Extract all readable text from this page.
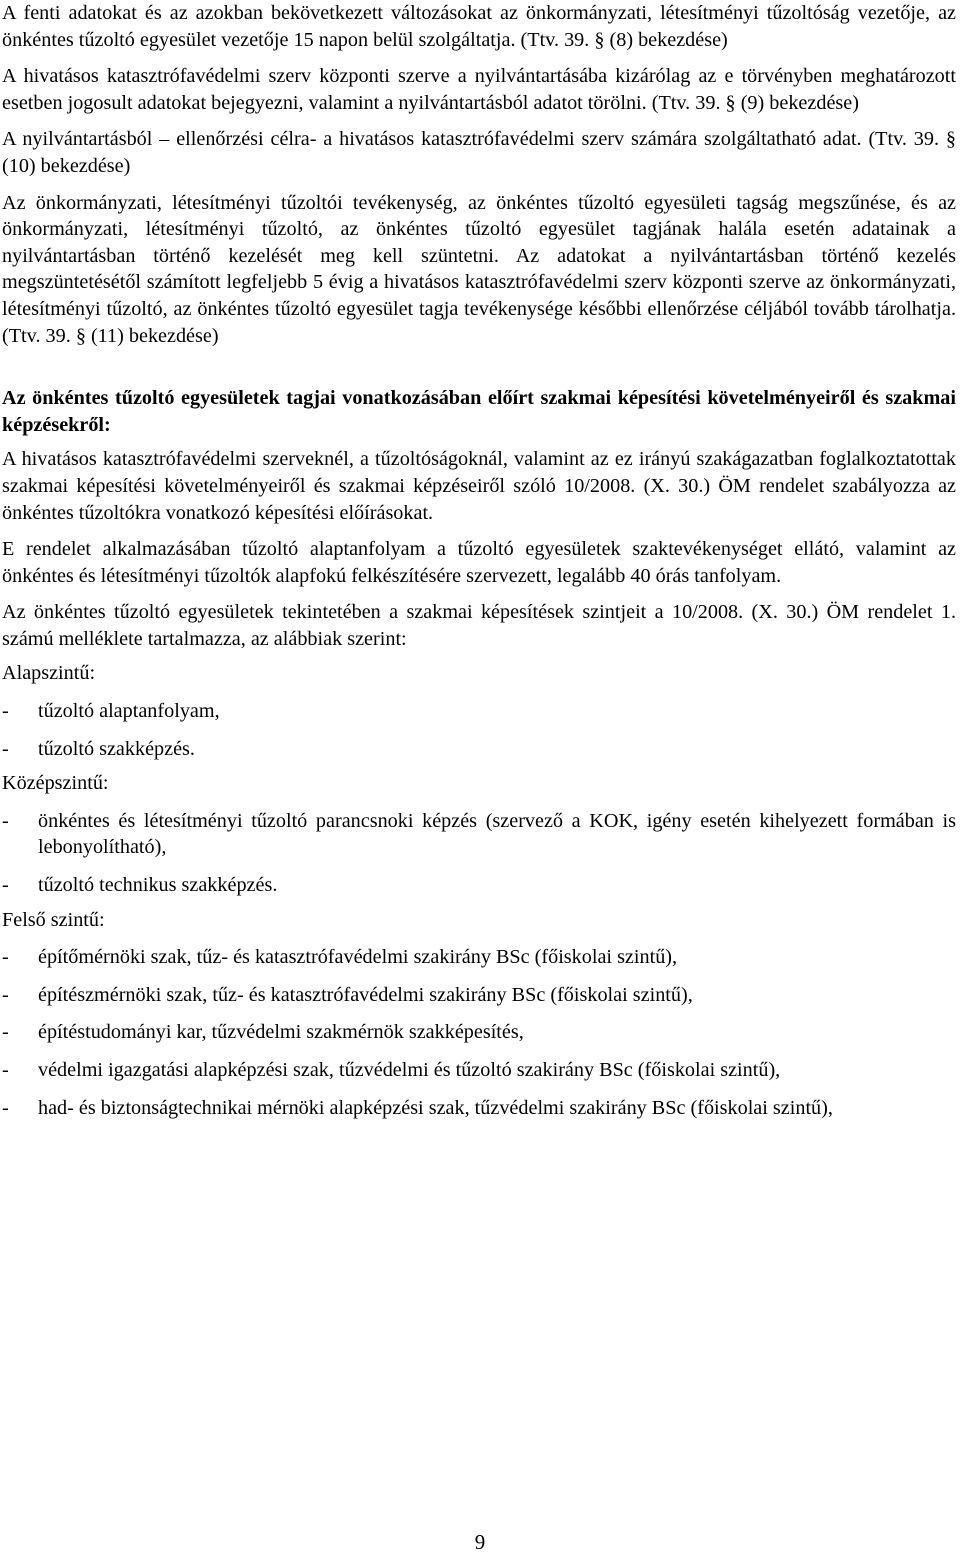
A fenti adatokat és az azokban bekövetkezett változásokat az önkormányzati, létesítményi tűzoltóság vezetője, az önkéntes tűzoltó egyesület vezetője 15 napon belül szolgáltatja. (Ttv. 39. § (8) bekezdése)

A hivatásos katasztrófavédelmi szerv központi szerve a nyilvántartásába kizárólag az e törvényben meghatározott esetben jogosult adatokat bejegyezni, valamint a nyilvántartásból adatot törölni. (Ttv. 39. § (9) bekezdése)

A nyilvántartásból – ellenőrzési célra- a hivatásos katasztrófavédelmi szerv számára szolgáltatható adat. (Ttv. 39. § (10) bekezdése)

Az önkormányzati, létesítményi tűzoltói tevékenység, az önkéntes tűzoltó egyesületi tagság megszűnése, és az önkormányzati, létesítményi tűzoltó, az önkéntes tűzoltó egyesület tagjának halála esetén adatainak a nyilvántartásban történő kezelését meg kell szüntetni. Az adatokat a nyilvántartásban történő kezelés megszüntetésétől számított legfeljebb 5 évig a hivatásos katasztrófavédelmi szerv központi szerve az önkormányzati, létesítményi tűzoltó, az önkéntes tűzoltó egyesület tagja tevékenysége későbbi ellenőrzése céljából tovább tárolhatja. (Ttv. 39. § (11) bekezdése)

Az önkéntes tűzoltó egyesületek tagjai vonatkozásában előírt szakmai képesítési követelményeiről és szakmai képzésekről:

A hivatásos katasztrófavédelmi szerveknél, a tűzoltóságoknál, valamint az ez irányú szakágazatban foglalkoztatottak szakmai képesítési követelményeiről és szakmai képzéseiről szóló 10/2008. (X. 30.) ÖM rendelet szabályozza az önkéntes tűzoltókra vonatkozó képesítési előírásokat.

E rendelet alkalmazásában tűzoltó alaptanfolyam a tűzoltó egyesületek szaktevékenységet ellátó, valamint az önkéntes és létesítményi tűzoltók alapfokú felkészítésére szervezett, legalább 40 órás tanfolyam.

Az önkéntes tűzoltó egyesületek tekintetében a szakmai képesítések szintjeit a 10/2008. (X. 30.) ÖM rendelet 1. számú melléklete tartalmazza, az alábbiak szerint:

Alapszintű:

-	tűzoltó alaptanfolyam,
-	tűzoltó szakképzés.

Középszintű:

-	önkéntes és létesítményi tűzoltó parancsnoki képzés (szervező a KOK, igény esetén kihelyezett formában is lebonyolítható),
-	tűzoltó technikus szakképzés.

Felső szintű:

-	építőmérnöki szak, tűz- és katasztrófavédelmi szakirány BSc (főiskolai szintű),
-	építészmérnöki szak, tűz- és katasztrófavédelmi szakirány BSc (főiskolai szintű),
-	építéstudományi kar, tűzvédelmi szakmérnök szakképesítés,
-	védelmi igazgatási alapképzési szak, tűzvédelmi és tűzoltó szakirány BSc (főiskolai szintű),
-	had- és biztonságtechnikai mérnöki alapképzési szak, tűzvédelmi szakirány BSc (főiskolai szintű),
9
